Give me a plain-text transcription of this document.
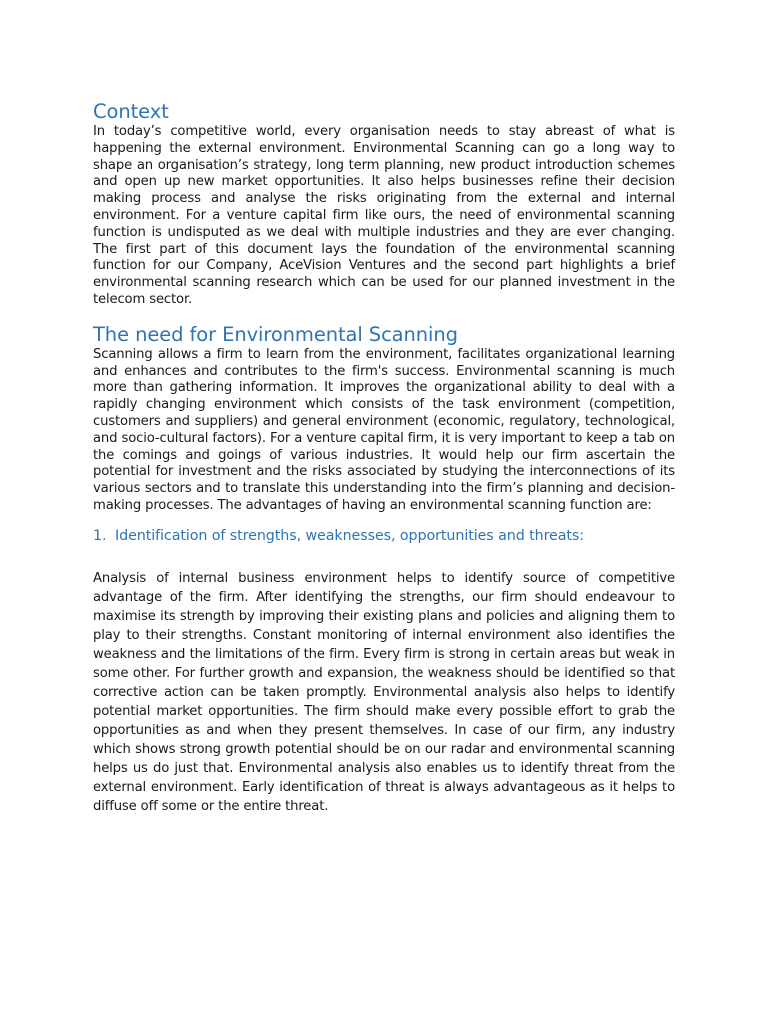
Context

In today’s competitive world, every organisation needs to stay abreast of what is happening the external environment. Environmental Scanning can go a long way to shape an organisation’s strategy, long term planning, new product introduction schemes and open up new market opportunities. It also helps businesses refine their decision making process and analyse the risks originating from the external and internal environment. For a venture capital firm like ours, the need of environmental scanning function is undisputed as we deal with multiple industries and they are ever changing. The first part of this document lays the foundation of the environmental scanning function for our Company, AceVision Ventures and the second part highlights a brief environmental scanning research which can be used for our planned investment in the telecom sector.

The need for Environmental Scanning

Scanning allows a firm to learn from the environment, facilitates organizational learning and enhances and contributes to the firm's success. Environmental scanning is much more than gathering information. It improves the organizational ability to deal with a rapidly changing environment which consists of the task environment (competition, customers and suppliers) and general environment (economic, regulatory, technological, and socio-cultural factors). For a venture capital firm, it is very important to keep a tab on the comings and goings of various industries. It would help our firm ascertain the potential for investment and the risks associated by studying the interconnections of its various sectors and to translate this understanding into the firm’s planning and decision-making processes. The advantages of having an environmental scanning function are:

1. Identification of strengths, weaknesses, opportunities and threats:

Analysis of internal business environment helps to identify source of competitive advantage of the firm. After identifying the strengths, our firm should endeavour to maximise its strength by improving their existing plans and policies and aligning them to play to their strengths. Constant monitoring of internal environment also identifies the weakness and the limitations of the firm. Every firm is strong in certain areas but weak in some other. For further growth and expansion, the weakness should be identified so that corrective action can be taken promptly. Environmental analysis also helps to identify potential market opportunities. The firm should make every possible effort to grab the opportunities as and when they present themselves. In case of our firm, any industry which shows strong growth potential should be on our radar and environmental scanning helps us do just that. Environmental analysis also enables us to identify threat from the external environment. Early identification of threat is always advantageous as it helps to diffuse off some or the entire threat.
